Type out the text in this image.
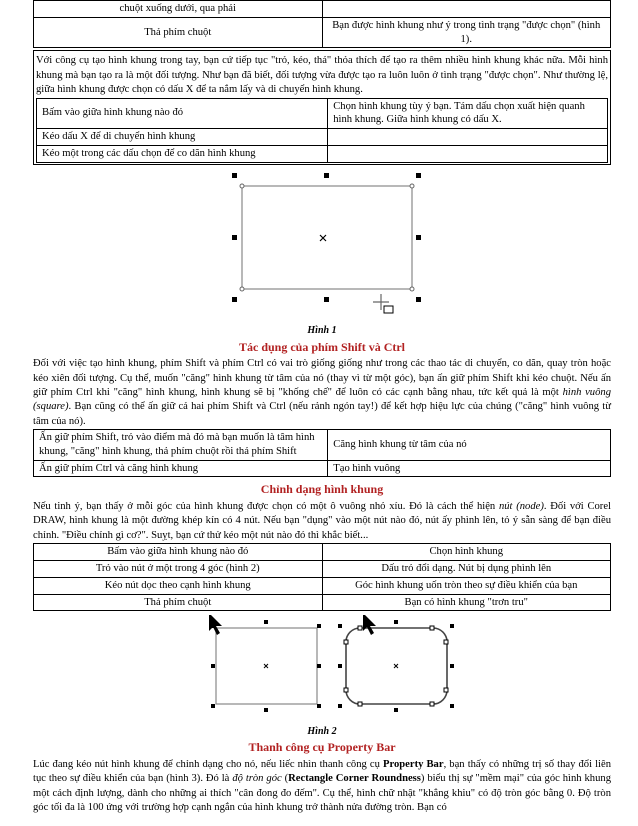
chuột xuống dưới, qua phải	
Thả phím chuột	Bạn được hình khung như ý trong tình trạng "được chọn" (hình 1).

Với công cụ tạo hình khung trong tay, bạn cứ tiếp tục "trỏ, kéo, thả" thỏa thích để tạo ra thêm nhiều hình khung khác nữa. Mỗi hình khung mà bạn tạo ra là một đối tượng. Như bạn đã biết, đối tượng vừa được tạo ra luôn luôn ở tình trạng "được chọn". Như thường lệ, giữa hình khung được chọn có dấu X để ta nắm lấy và di chuyển hình khung.

Bấm vào giữa hình khung nào đó	Chọn hình khung tùy ý bạn. Tám dấu chọn xuất hiện quanh hình khung. Giữa hình khung có dấu X.
Kéo dấu X để di chuyển hình khung	
Kéo một trong các dấu chọn để co dãn hình khung	
Hình 1
Tác dụng của phím Shift và Ctrl

Đối với việc tạo hình khung, phím Shift và phím Ctrl có vai trò giống giống như trong các thao tác di chuyển, co dãn, quay tròn hoặc kéo xiên đối tượng. Cụ thể, muốn "căng" hình khung từ tâm của nó (thay vì từ một góc), bạn ấn giữ phím Shift khi kéo chuột. Nếu ấn giữ phím Ctrl khi "căng" hình khung, hình khung sẽ bị "khống chế" để luôn có các cạnh bằng nhau, tức kết quả là một hình vuông (square). Bạn cũng có thể ấn giữ cả hai phím Shift và Ctrl (nếu rảnh ngón tay!) để kết hợp hiệu lực của chúng ("căng" hình vuông từ tâm của nó).

Ấn giữ phím Shift, trỏ vào điểm mà đó mà bạn muốn là tâm hình khung, "căng" hình khung, thả phím chuột rồi thả phím Shift	Căng hình khung từ tâm của nó
Ấn giữ phím Ctrl và căng hình khung	Tạo hình vuông
Chỉnh dạng hình khung

Nếu tinh ý, bạn thấy ở mỗi góc của hình khung được chọn có một ô vuông nhỏ xíu. Đó là cách thể hiện nút (node). Đối với Corel DRAW, hình khung là một đường khép kín có 4 nút. Nếu bạn "dụng" vào một nút nào đó, nút ấy phình lên, tỏ ý sẵn sàng để bạn điều chỉnh. "Điều chỉnh gì cơ?". Suỵt, bạn cứ thử kéo một nút nào đó thì khắc biết...

Bấm vào giữa hình khung nào đó	Chọn hình khung
Trỏ vào nút ở một trong 4 góc (hình 2)	Dấu trỏ đổi dạng. Nút bị dụng phình lên
Kéo nút dọc theo cạnh hình khung	Góc hình khung uốn tròn theo sự điều khiển của bạn
Thả phím chuột	Bạn có hình khung "trơn tru"
Hình 2
Thanh công cụ Property Bar

Lúc đang kéo nút hình khung để chỉnh dạng cho nó, nếu liếc nhìn thanh công cụ Property Bar, bạn thấy có những trị số thay đổi liên tục theo sự điều khiển của bạn (hình 3). Đó là độ tròn góc (Rectangle Corner Roundness) biểu thị sự "mềm mại" của góc hình khung một cách định lượng, dành cho những ai thích "cân đong đo đếm". Cụ thể, hình chữ nhật "khẳng khiu" có độ tròn góc bằng 0. Độ tròn góc tối đa là 100 ứng với trường hợp cạnh ngắn của hình khung trở thành nửa đường tròn. Bạn có
